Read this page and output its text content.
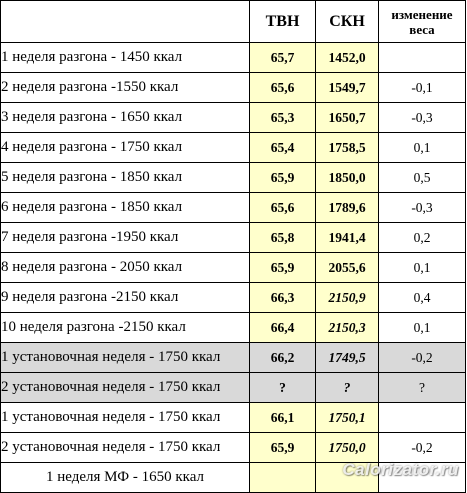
	ТВН	СКН	изменение веса
1 неделя разгона - 1450 ккал	65,7	1452,0	
2 неделя разгона -1550 ккал	65,6	1549,7	-0,1
3 неделя разгона - 1650 ккал	65,3	1650,7	-0,3
4 неделя разгона - 1750 ккал	65,4	1758,5	0,1
5 неделя разгона - 1850 ккал	65,9	1850,0	0,5
6 неделя разгона - 1850 ккал	65,6	1789,6	-0,3
7 неделя разгона -1950 ккал	65,8	1941,4	0,2
8 неделя разгона - 2050 ккал	65,9	2055,6	0,1
9 неделя разгона -2150 ккал	66,3	2150,9	0,4
10 неделя разгона -2150 ккал	66,4	2150,3	0,1
1 установочная неделя - 1750 ккал	66,2	1749,5	-0,2
2 установочная неделя - 1750 ккал	?	?	?
1 установочная неделя - 1750 ккал	66,1	1750,1	
2 установочная неделя - 1750 ккал	65,9	1750,0	-0,2
1 неделя МФ - 1650 ккал				Calorizator.ru
